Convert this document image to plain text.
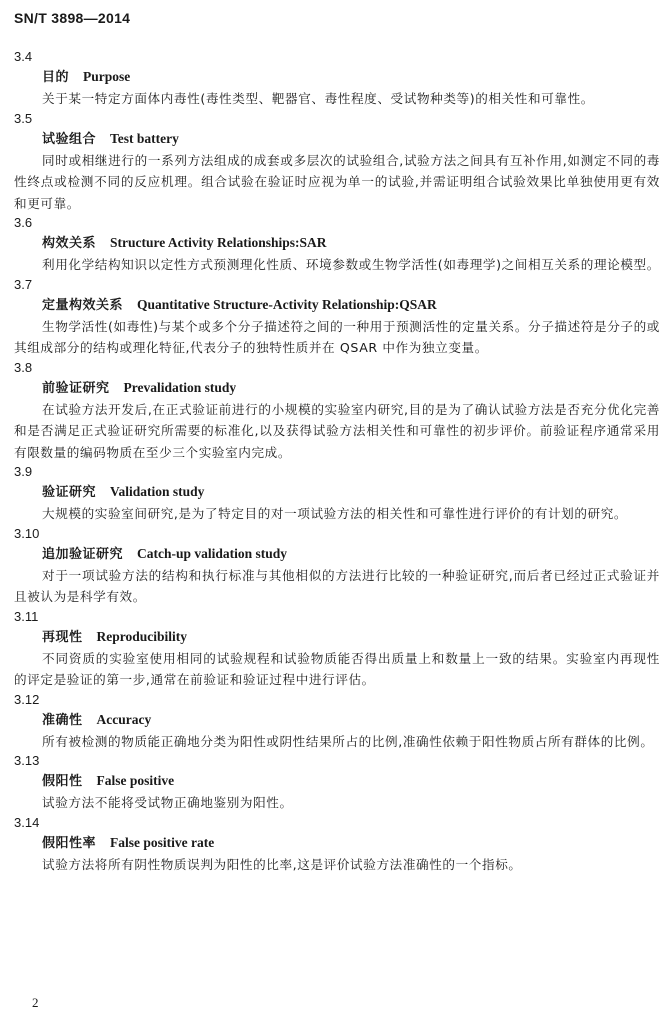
SN/T 3898—2014
3.4
目的 Purpose
关于某一特定方面体内毒性(毒性类型、靶器官、毒性程度、受试物种类等)的相关性和可靠性。
3.5
试验组合 Test battery
同时或相继进行的一系列方法组成的成套或多层次的试验组合,试验方法之间具有互补作用,如测定不同的毒性终点或检测不同的反应机理。组合试验在验证时应视为单一的试验,并需证明组合试验效果比单独使用更有效和更可靠。
3.6
构效关系 Structure Activity Relationships:SAR
利用化学结构知识以定性方式预测理化性质、环境参数或生物学活性(如毒理学)之间相互关系的理论模型。
3.7
定量构效关系 Quantitative Structure-Activity Relationship:QSAR
生物学活性(如毒性)与某个或多个分子描述符之间的一种用于预测活性的定量关系。分子描述符是分子的或其组成部分的结构或理化特征,代表分子的独特性质并在 QSAR 中作为独立变量。
3.8
前验证研究 Prevalidation study
在试验方法开发后,在正式验证前进行的小规模的实验室内研究,目的是为了确认试验方法是否充分优化完善和是否满足正式验证研究所需要的标准化,以及获得试验方法相关性和可靠性的初步评价。前验证程序通常采用有限数量的编码物质在至少三个实验室内完成。
3.9
验证研究 Validation study
大规模的实验室间研究,是为了特定目的对一项试验方法的相关性和可靠性进行评价的有计划的研究。
3.10
追加验证研究 Catch-up validation study
对于一项试验方法的结构和执行标准与其他相似的方法进行比较的一种验证研究,而后者已经过正式验证并且被认为是科学有效。
3.11
再现性 Reproducibility
不同资质的实验室使用相同的试验规程和试验物质能否得出质量上和数量上一致的结果。实验室内再现性的评定是验证的第一步,通常在前验证和验证过程中进行评估。
3.12
准确性 Accuracy
所有被检测的物质能正确地分类为阳性或阴性结果所占的比例,准确性依赖于阳性物质占所有群体的比例。
3.13
假阳性 False positive
试验方法不能将受试物正确地鉴别为阳性。
3.14
假阳性率 False positive rate
试验方法将所有阴性物质误判为阳性的比率,这是评价试验方法准确性的一个指标。
2
